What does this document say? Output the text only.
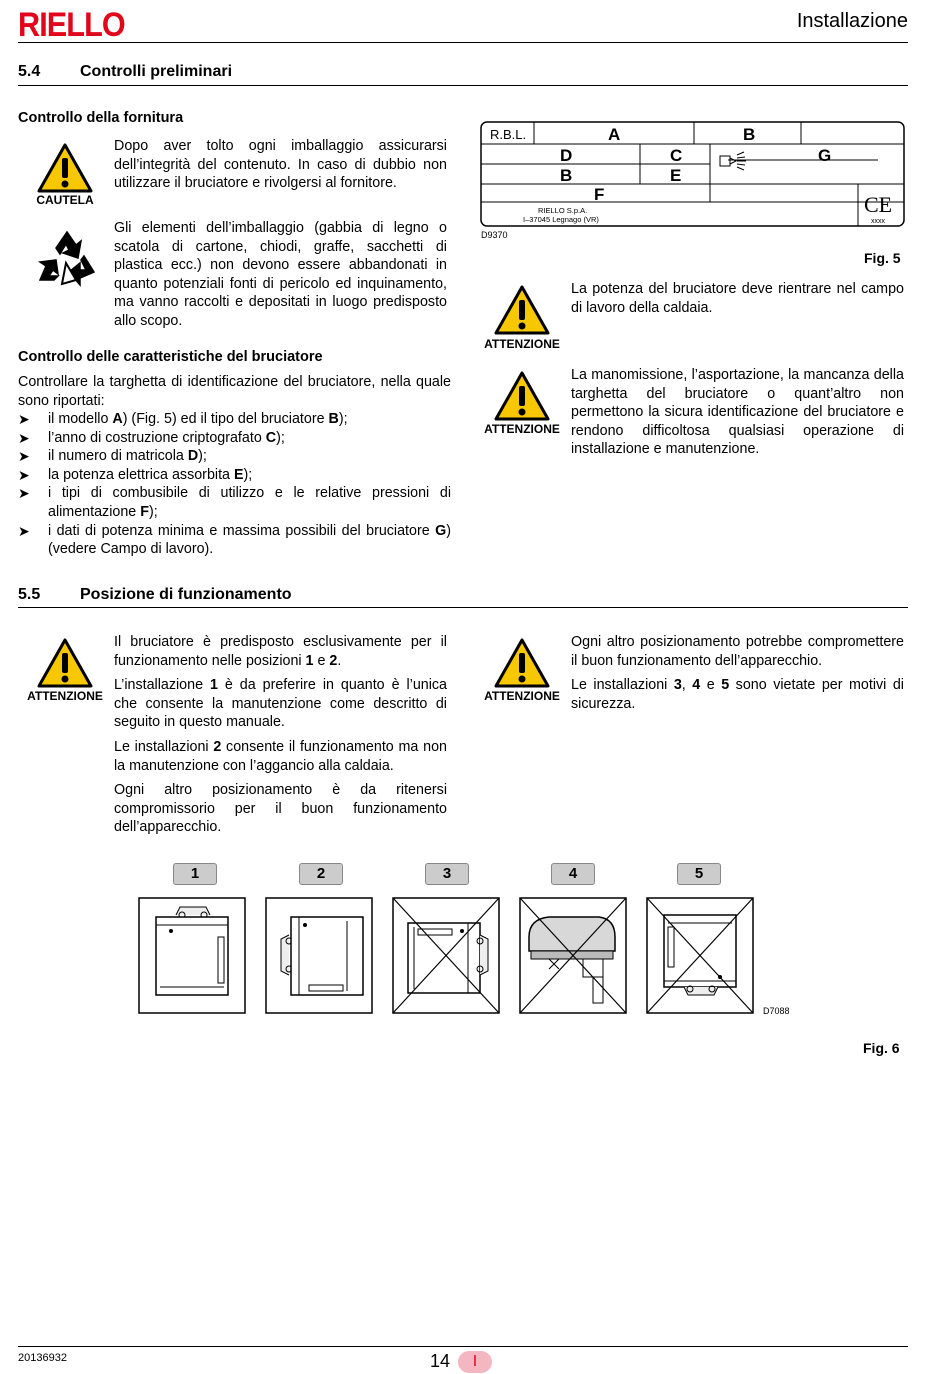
RIELLO	Installazione
5.4 Controlli preliminari
Controllo della fornitura
CAUTELA
Dopo aver tolto ogni imballaggio assicurarsi dell’integrità del contenuto. In caso di dubbio non utilizzare il bruciatore e rivolgersi al fornitore.
Gli elementi dell’imballaggio (gabbia di legno o scatola di cartone, chiodi, graffe, sacchetti di plastica ecc.) non devono essere abbandonati in quanto potenziali fonti di pericolo ed inquinamento, ma vanno raccolti e depositati in luogo predisposto allo scopo.
Controllo delle caratteristiche del bruciatore
Controllare la targhetta di identificazione del bruciatore, nella quale sono riportati:
➤ il modello A) (Fig. 5) ed il tipo del bruciatore B);
➤ l’anno di costruzione criptografato C);
➤ il numero di matricola D);
➤ la potenza elettrica assorbita E);
➤ i tipi di combusibile di utilizzo e le relative pressioni di alimentazione F);
➤ i dati di potenza minima e massima possibili del bruciatore G) (vedere Campo di lavoro).
R.B.L.	A	B
D	C	G
B	E
F
RIELLO S.p.A.
I–37045 Legnago (VR)
CE
xxxx
D9370
Fig. 5
ATTENZIONE
La potenza del bruciatore deve rientrare nel campo di lavoro della caldaia.
ATTENZIONE
La manomissione, l’asportazione, la mancanza della targhetta del bruciatore o quant’altro non permettono la sicura identificazione del bruciatore e rendono difficoltosa qualsiasi operazione di installazione e manutenzione.
5.5 Posizione di funzionamento
ATTENZIONE

Il bruciatore è predisposto esclusivamente per il funzionamento nelle posizioni 1 e 2.

L’installazione 1 è da preferire in quanto è l’unica che consente la manutenzione come descritto di seguito in questo manuale.

Le installazioni 2 consente il funzionamento ma non la manutenzione con l’aggancio alla caldaia.

Ogni altro posizionamento è da ritenersi compromissorio per il buon funzionamento dell’apparecchio.

ATTENZIONE

Ogni altro posizionamento potrebbe compromettere il buon funzionamento dell’apparecchio.

Le installazioni 3, 4 e 5 sono vietate per motivi di sicurezza.

1	2	3	4	5
D7088
Fig. 6
20136932	14	I
